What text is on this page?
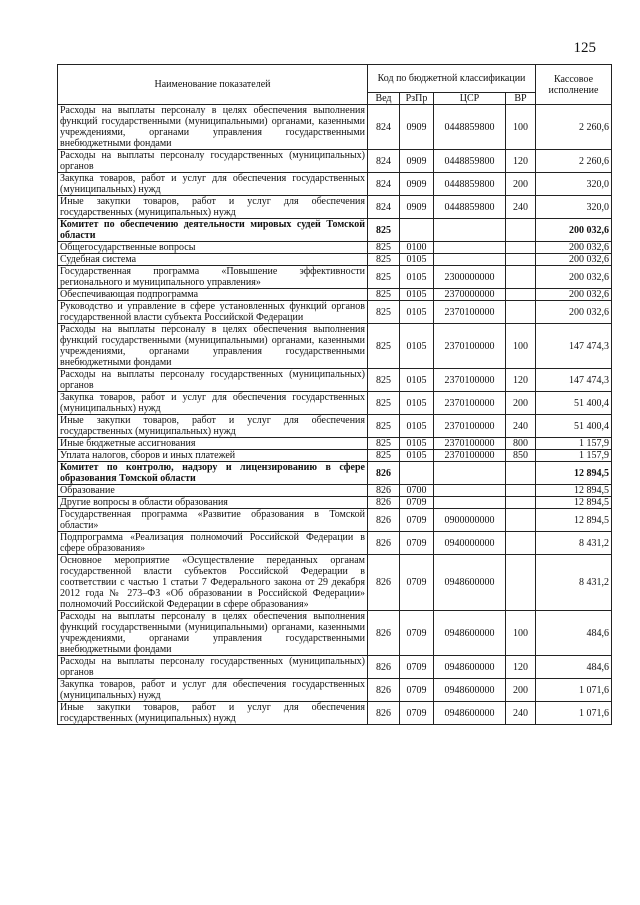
125
Наименование показателей	Код по бюджетной классификации				Кассовое исполнение
	Вед	РзПр	ЦСР	ВР	
Расходы на выплаты персоналу в целях обеспечения выполнения функций государственными (муниципальными) органами, казенными учреждениями, органами управления государственными внебюджетными фондами	824	0909	0448859800	100	2 260,6
Расходы на выплаты персоналу государственных (муниципальных) органов	824	0909	0448859800	120	2 260,6
Закупка товаров, работ и услуг для обеспечения государственных (муниципальных) нужд	824	0909	0448859800	200	320,0
Иные закупки товаров, работ и услуг для обеспечения государственных (муниципальных) нужд	824	0909	0448859800	240	320,0
Комитет по обеспечению деятельности мировых судей Томской области	825				200 032,6
Общегосударственные вопросы	825	0100			200 032,6
Судебная система	825	0105			200 032,6
Государственная программа «Повышение эффективности регионального и муниципального управления»	825	0105	2300000000		200 032,6
Обеспечивающая подпрограмма	825	0105	2370000000		200 032,6
Руководство и управление в сфере установленных функций органов государственной власти субъекта Российской Федерации	825	0105	2370100000		200 032,6
Расходы на выплаты персоналу в целях обеспечения выполнения функций государственными (муниципальными) органами, казенными учреждениями, органами управления государственными внебюджетными фондами	825	0105	2370100000	100	147 474,3
Расходы на выплаты персоналу государственных (муниципальных) органов	825	0105	2370100000	120	147 474,3
Закупка товаров, работ и услуг для обеспечения государственных (муниципальных) нужд	825	0105	2370100000	200	51 400,4
Иные закупки товаров, работ и услуг для обеспечения государственных (муниципальных) нужд	825	0105	2370100000	240	51 400,4
Иные бюджетные ассигнования	825	0105	2370100000	800	1 157,9
Уплата налогов, сборов и иных платежей	825	0105	2370100000	850	1 157,9
Комитет по контролю, надзору и лицензированию в сфере образования Томской области	826				12 894,5
Образование	826	0700			12 894,5
Другие вопросы в области образования	826	0709			12 894,5
Государственная программа «Развитие образования в Томской области»	826	0709	0900000000		12 894,5
Подпрограмма «Реализация полномочий Российской Федерации в сфере образования»	826	0709	0940000000		8 431,2
Основное мероприятие «Осуществление переданных органам государственной власти субъектов Российской Федерации в соответствии с частью 1 статьи 7 Федерального закона от 29 декабря 2012 года № 273–ФЗ «Об образовании в Российской Федерации» полномочий Российской Федерации в сфере образования»	826	0709	0948600000		8 431,2
Расходы на выплаты персоналу в целях обеспечения выполнения функций государственными (муниципальными) органами, казенными учреждениями, органами управления государственными внебюджетными фондами	826	0709	0948600000	100	484,6
Расходы на выплаты персоналу государственных (муниципальных) органов	826	0709	0948600000	120	484,6
Закупка товаров, работ и услуг для обеспечения государственных (муниципальных) нужд	826	0709	0948600000	200	1 071,6
Иные закупки товаров, работ и услуг для обеспечения государственных (муниципальных) нужд	826	0709	0948600000	240	1 071,6
